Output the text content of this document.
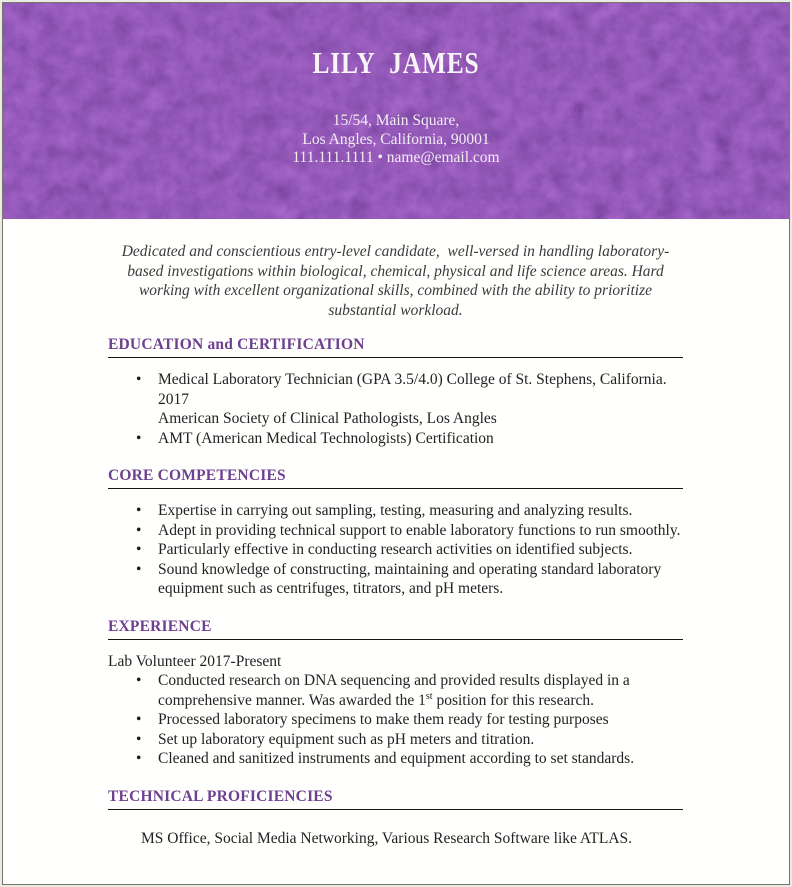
LILY JAMES
15/54, Main Square,
Los Angles, California, 90001
111.111.1111 • name@email.com

Dedicated and conscientious entry-level candidate,  well-versed in handling laboratory-based investigations within biological, chemical, physical and life science areas. Hard working with excellent organizational skills, combined with the ability to prioritize substantial workload.

EDUCATION and CERTIFICATION
• Medical Laboratory Technician (GPA 3.5/4.0) College of St. Stephens, California. 2017
American Society of Clinical Pathologists, Los Angles
• AMT (American Medical Technologists) Certification
CORE COMPETENCIES
• Expertise in carrying out sampling, testing, measuring and analyzing results.
• Adept in providing technical support to enable laboratory functions to run smoothly.
• Particularly effective in conducting research activities on identified subjects.
• Sound knowledge of constructing, maintaining and operating standard laboratory equipment such as centrifuges, titrators, and pH meters.
EXPERIENCE
Lab Volunteer 2017-Present
• Conducted research on DNA sequencing and provided results displayed in a comprehensive manner. Was awarded the 1st position for this research.
• Processed laboratory specimens to make them ready for testing purposes
• Set up laboratory equipment such as pH meters and titration.
• Cleaned and sanitized instruments and equipment according to set standards.
TECHNICAL PROFICIENCIES
MS Office, Social Media Networking, Various Research Software like ATLAS.
